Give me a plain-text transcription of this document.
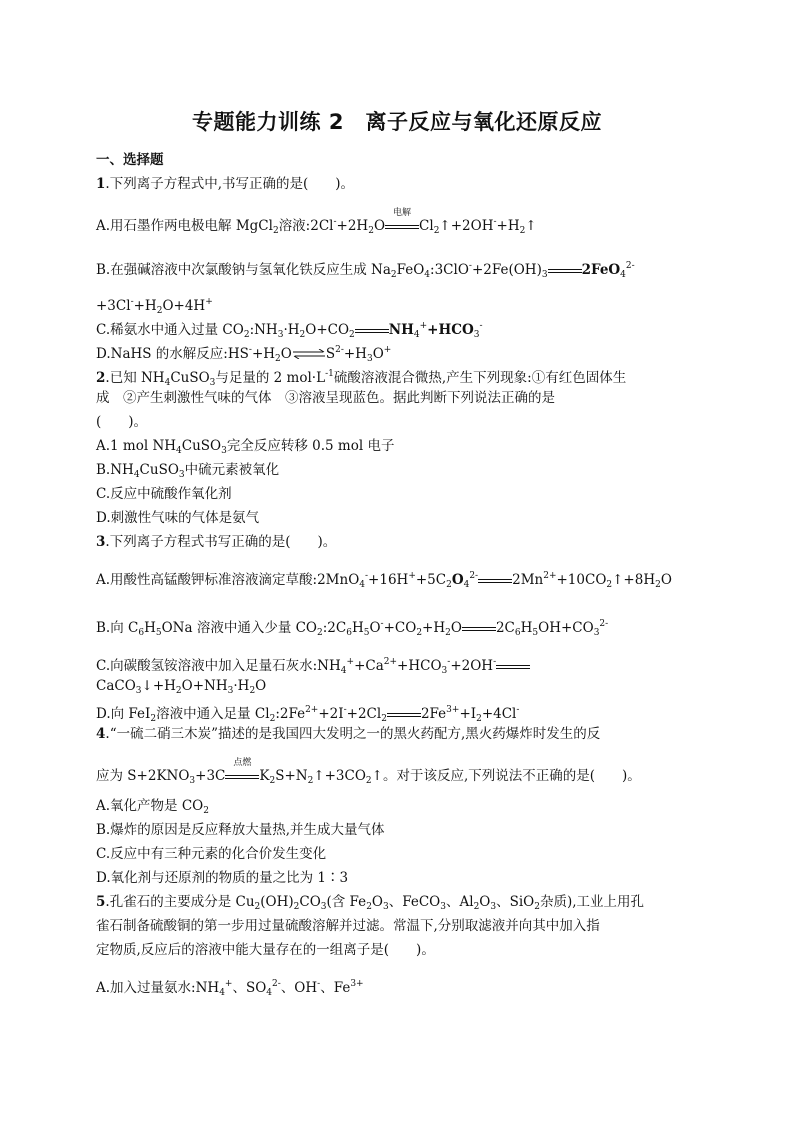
专题能力训练 2　离子反应与氧化还原反应
一、选择题
1.下列离子方程式中,书写正确的是(　　)。
A.用石墨作两电极电解 MgCl$_2$溶液$:2Cl^-+2H_2O$
电解
$Cl_2↑+2OH^-+H_2↑$
B.在强碱溶液中次氯酸钠与氢氧化铁反应生成 $Na_2FeO_4:3ClO^-+2Fe(OH)_3$	2FeO$_4^{2-}$
$+3Cl^-+H_2O+4H^+$
C.稀氨水中通入过量 $CO_2:NH_3\cdot H_2O+CO_2$	$NH_4^++HCO_3^-$
D.NaHS 的水解反应$:HS^-+H_2O\rightleftharpoons S^{2-}+H_3O^+$
2.已知 $NH_4CuSO_3$与足量的 2 $mol\cdot L^{-1}$硫酸溶液混合微热,产生下列现象:①有红色固体生
成　②产生刺激性气味的气体　③溶液呈现蓝色。据此判断下列说法正确的是
(　　)。
A.1 mol $NH_4CuSO_3$完全反应转移 0.5 mol 电子
$B.NH_4CuSO_3$中硫元素被氧化
C.反应中硫酸作氧化剂
D.刺激性气味的气体是氨气
3.下列离子方程式书写正确的是(　　)。
A.用酸性高锰酸钾标准溶液滴定草酸$:2MnO_4^-+16H^++5C_2O_4^{2-}$	$2Mn^{2+}+10CO_2↑+8H_2O$
B.向 $C_6H_5ONa$ 溶液中通入少量 $CO_2:2C_6H_5O^-+CO_2+H_2O$	$2C_6H_5OH+CO_3^{2-}$
C.向碳酸氢铵溶液中加入足量石灰水$:NH_4^++Ca^{2+}+HCO_3^-+2OH^-$
$CaCO_3↓+H_2O+NH_3\cdot H_2O$
D.向 FeI$_2$溶液中通入足量 $Cl_2:2Fe^{2+}+2I^-+2Cl_2$	$2Fe^{3+}+I_2+4Cl^-$
4.“一硫二硝三木炭”描述的是我国四大发明之一的黑火药配方,黑火药爆炸时发生的反
应为 $S+2KNO_3+3C$
点燃
$K_2S+N_2↑+3CO_2↑$。对于该反应,下列说法不正确的是(　　)。
A.氧化产物是 $CO_2$
B.爆炸的原因是反应释放大量热,并生成大量气体
C.反应中有三种元素的化合价发生变化
D.氧化剂与还原剂的物质的量之比为 1∶3
5.孔雀石的主要成分是 $Cu_2(OH)_2CO_3$(含 $Fe_2O_3$、FeCO$_3$、$Al_2O_3$、SiO$_2$杂质),工业上用孔
雀石制备硫酸铜的第一步用过量硫酸溶解并过滤。常温下,分别取滤液并向其中加入指
定物质,反应后的溶液中能大量存在的一组离子是(　　)。
A.加入过量氨水$:NH_4^+$、$SO_4^{2-}$、OH-、$Fe^{3+}$
